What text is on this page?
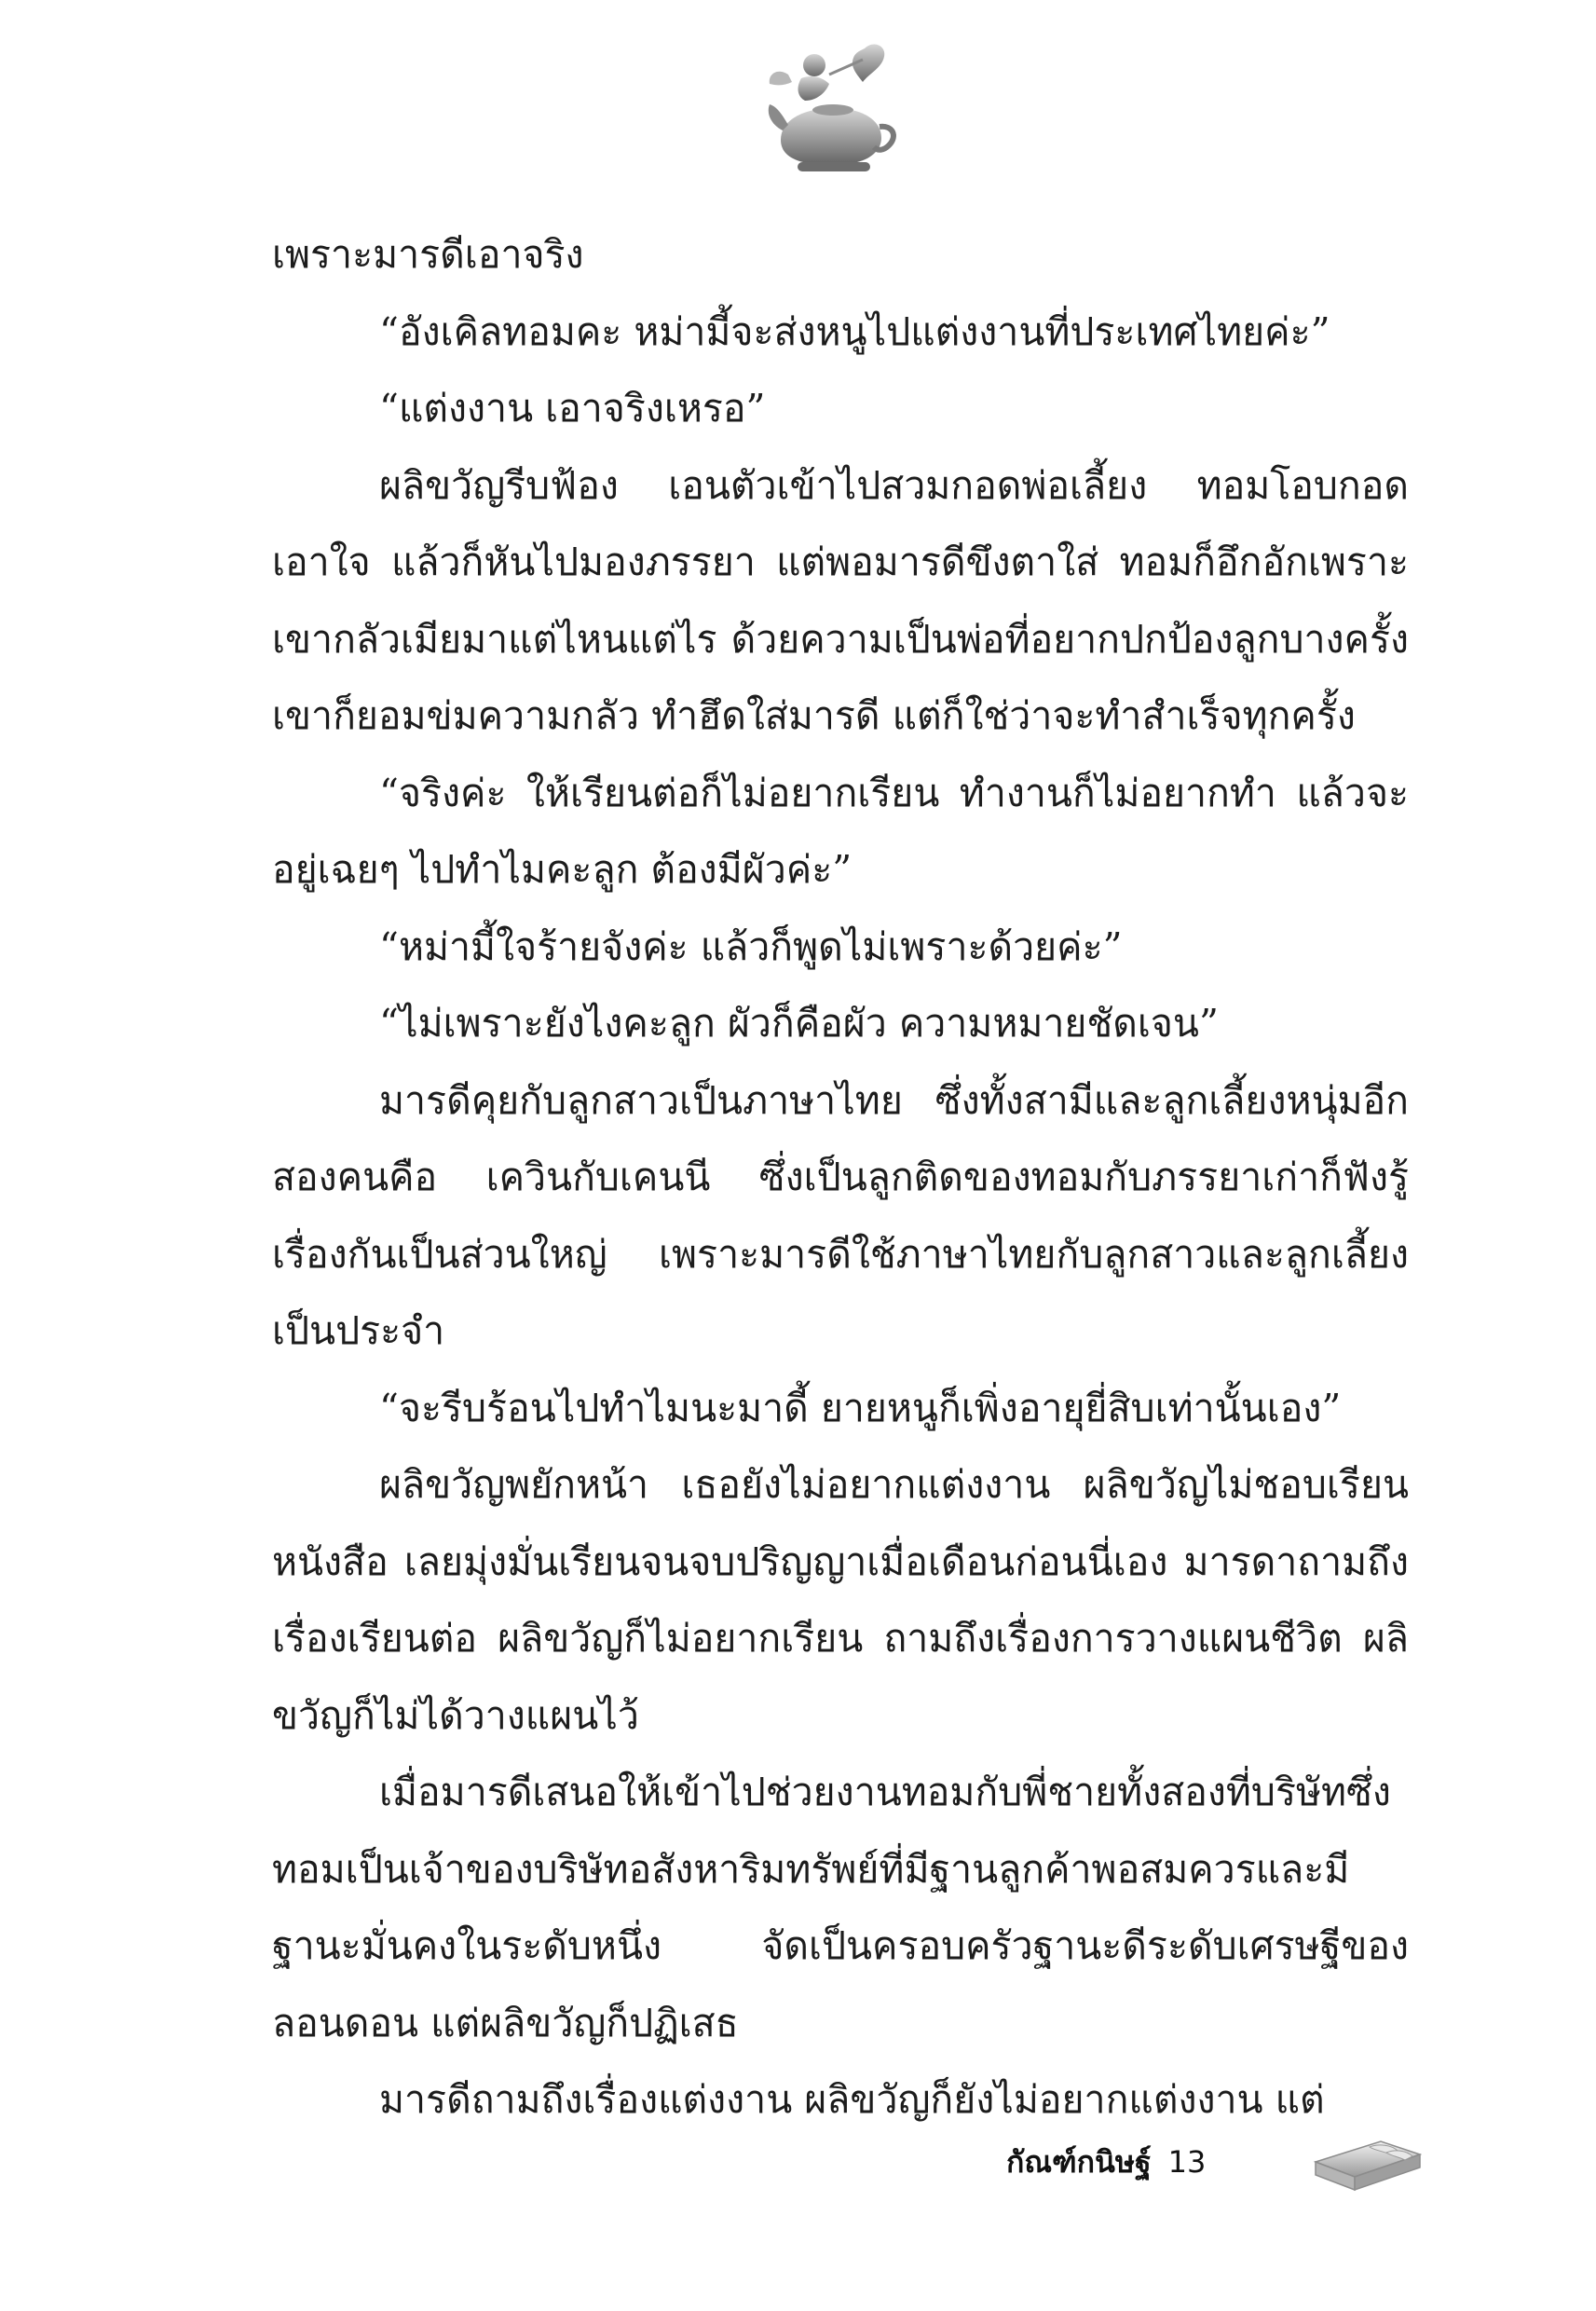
เพราะมารดีเอาจริง

“อังเคิลทอมคะ หม่ามี้จะส่งหนูไปแต่งงานที่ประเทศไทยค่ะ”

“แต่งงาน เอาจริงเหรอ”

ผลิขวัญรีบฟ้อง เอนตัวเข้าไปสวมกอดพ่อเลี้ยง ทอมโอบกอดเอาใจ แล้วก็หันไปมองภรรยา แต่พอมารดีขึงตาใส่ ทอมก็อึกอักเพราะเขากลัวเมียมาแต่ไหนแต่ไร ด้วยความเป็นพ่อที่อยากปกป้องลูกบางครั้งเขาก็ยอมข่มความกลัว ทำฮึดใส่มารดี แต่ก็ใช่ว่าจะทำสำเร็จทุกครั้ง

“จริงค่ะ ให้เรียนต่อก็ไม่อยากเรียน ทำงานก็ไม่อยากทำ แล้วจะอยู่เฉยๆ ไปทำไมคะลูก ต้องมีผัวค่ะ”

“หม่ามี้ใจร้ายจังค่ะ แล้วก็พูดไม่เพราะด้วยค่ะ”

“ไม่เพราะยังไงคะลูก ผัวก็คือผัว ความหมายชัดเจน”

มารดีคุยกับลูกสาวเป็นภาษาไทย ซึ่งทั้งสามีและลูกเลี้ยงหนุ่มอีกสองคนคือ เควินกับเคนนี ซึ่งเป็นลูกติดของทอมกับภรรยาเก่าก็ฟังรู้เรื่องกันเป็นส่วนใหญ่ เพราะมารดีใช้ภาษาไทยกับลูกสาวและลูกเลี้ยงเป็นประจำ

“จะรีบร้อนไปทำไมนะมาดี้ ยายหนูก็เพิ่งอายุยี่สิบเท่านั้นเอง”

ผลิขวัญพยักหน้า เธอยังไม่อยากแต่งงาน ผลิขวัญไม่ชอบเรียนหนังสือ เลยมุ่งมั่นเรียนจนจบปริญญาเมื่อเดือนก่อนนี่เอง มารดาถามถึงเรื่องเรียนต่อ ผลิขวัญก็ไม่อยากเรียน ถามถึงเรื่องการวางแผนชีวิต ผลิขวัญก็ไม่ได้วางแผนไว้

เมื่อมารดีเสนอให้เข้าไปช่วยงานทอมกับพี่ชายทั้งสองที่บริษัทซึ่งทอมเป็นเจ้าของบริษัทอสังหาริมทรัพย์ที่มีฐานลูกค้าพอสมควรและมีฐานะมั่นคงในระดับหนึ่ง จัดเป็นครอบครัวฐานะดีระดับเศรษฐีของลอนดอน แต่ผลิขวัญก็ปฏิเสธ

มารดีถามถึงเรื่องแต่งงาน ผลิขวัญก็ยังไม่อยากแต่งงาน แต่

กัณฑ์กนิษฐ์ 13
